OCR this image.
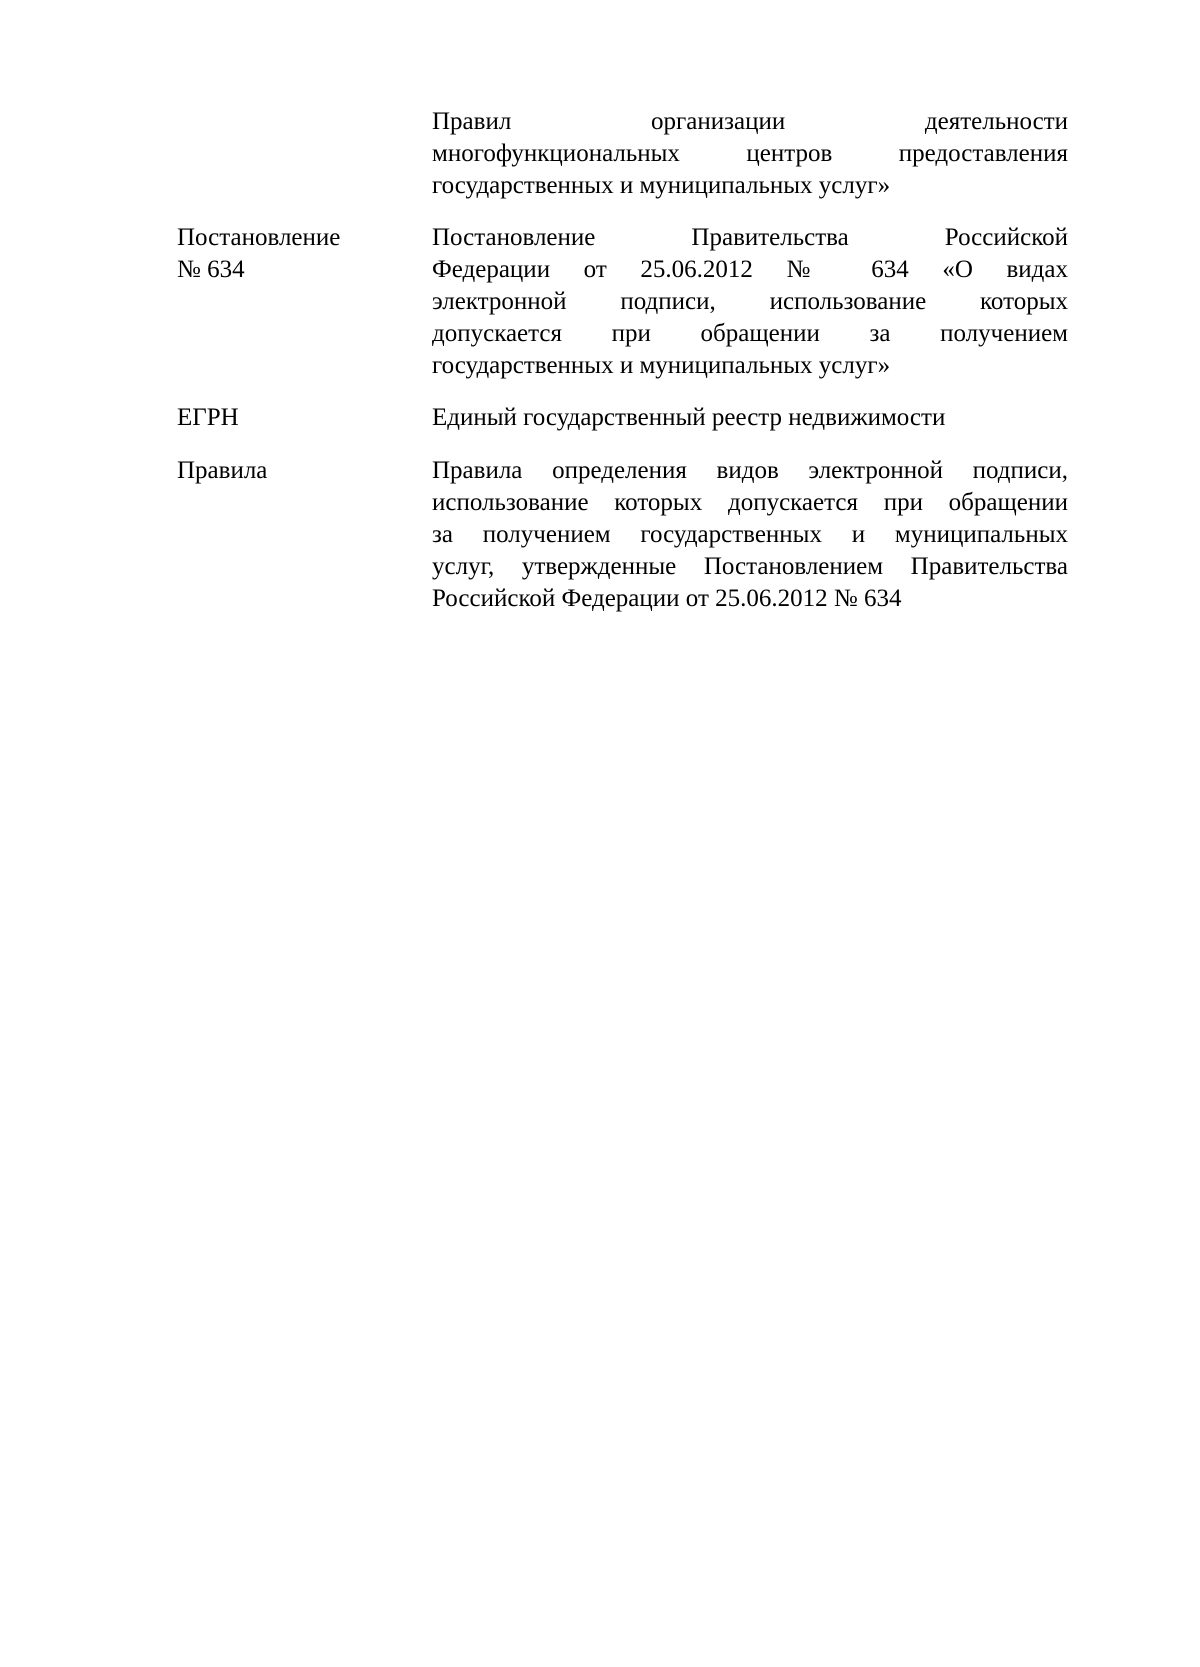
Правил организации деятельности
многофункциональных центров предоставления
государственных и муниципальных услуг»
Постановление
№ 634
Постановление Правительства Российской
Федерации от 25.06.2012 № 634 «О видах
электронной подписи, использование которых
допускается при обращении за получением
государственных и муниципальных услуг»
ЕГРН	Единый государственный реестр недвижимости
Правила	Правила определения видов электронной подписи,
использование которых допускается при обращении
за получением государственных и муниципальных
услуг, утвержденные Постановлением Правительства
Российской Федерации от 25.06.2012 № 634
